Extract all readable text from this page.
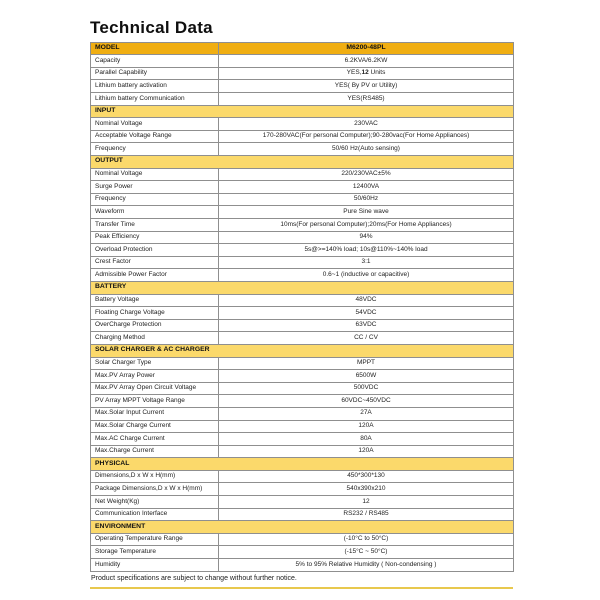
Technical Data
MODEL	M6200-48PL
Capacity	6.2KVA/6.2KW
Parallel Capability	YES,12 Units
Lithium battery activation	YES( By PV or Utility)
Lithium battery Communication	YES(RS485)
INPUT	
Nominal Voltage	230VAC
Acceptable Voltage Range	170-280VAC(For personal Computer);90-280vac(For Home Appliances)
Frequency	50/60 Hz(Auto sensing)
OUTPUT	
Nominal Voltage	220/230VAC±5%
Surge Power	12400VA
Frequency	50/60Hz
Waveform	Pure Sine wave
Transfer Time	10ms(For personal Computer);20ms(For Home Appliances)
Peak Efficiency	94%
Overload Protection	5s@>=140% load; 10s@110%~140% load
Crest Factor	3:1
Admissible Power Factor	0.6~1 (inductive or capacitive)
BATTERY	
Battery Voltage	48VDC
Floating Charge Voltage	54VDC
OverCharge Protection	63VDC
Charging Method	CC / CV
SOLAR CHARGER & AC CHARGER	
Solar Charger Type	MPPT
Max.PV Array Power	6500W
Max.PV Array Open Circuit Voltage	500VDC
PV Array MPPT Voltage Range	60VDC~450VDC
Max.Solar Input Current	27A
Max.Solar Charge Current	120A
Max.AC Charge Current	80A
Max.Charge Current	120A
PHYSICAL	
Dimensions,D x W x H(mm)	450*300*130
Package Dimensions,D x W x H(mm)	540x390x210
Net Weight(Kg)	12
Communication Interface	RS232 / RS485
ENVIRONMENT	
Operating Temperature Range	(-10°C to 50°C)
Storage Temperature	(-15°C ~ 50°C)
Humidity	5% to 95% Relative Humidity ( Non-condensing )

Product specifications are subject to change without further notice.
